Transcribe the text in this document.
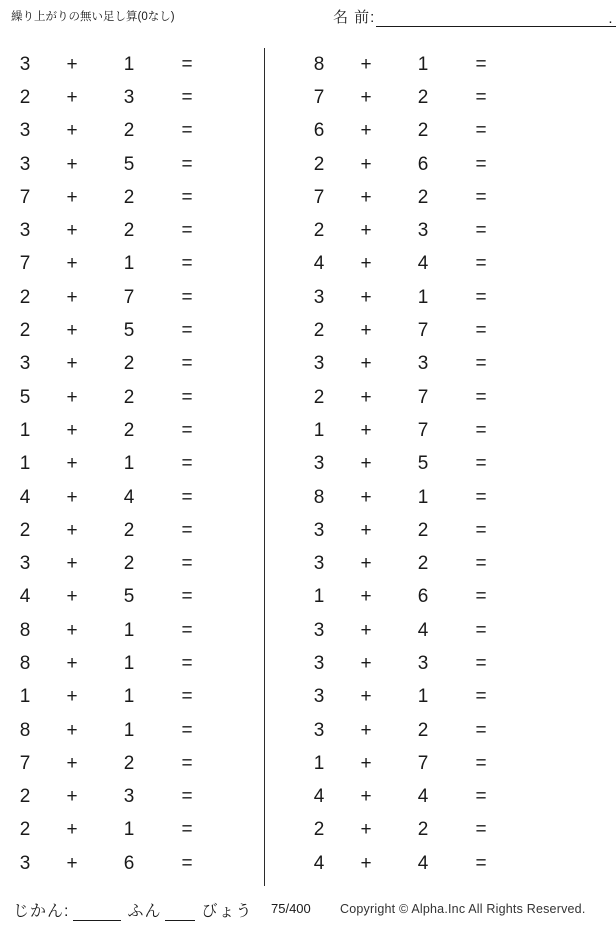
繰り上がりの無い足し算(0なし)	名 前:	.
3	+	1	=
2	+	3	=
3	+	2	=
3	+	5	=
7	+	2	=
3	+	2	=
7	+	1	=
2	+	7	=
2	+	5	=
3	+	2	=
5	+	2	=
1	+	2	=
1	+	1	=
4	+	4	=
2	+	2	=
3	+	2	=
4	+	5	=
8	+	1	=
8	+	1	=
1	+	1	=
8	+	1	=
7	+	2	=
2	+	3	=
2	+	1	=
3	+	6	=
8	+	1	=
7	+	2	=
6	+	2	=
2	+	6	=
7	+	2	=
2	+	3	=
4	+	4	=
3	+	1	=
2	+	7	=
3	+	3	=
2	+	7	=
1	+	7	=
3	+	5	=
8	+	1	=
3	+	2	=
3	+	2	=
1	+	6	=
3	+	4	=
3	+	3	=
3	+	1	=
3	+	2	=
1	+	7	=
4	+	4	=
2	+	2	=
4	+	4	=
じかん:	ふん	びょう 75/400 Copyright © Alpha.Inc All Rights Reserved.
